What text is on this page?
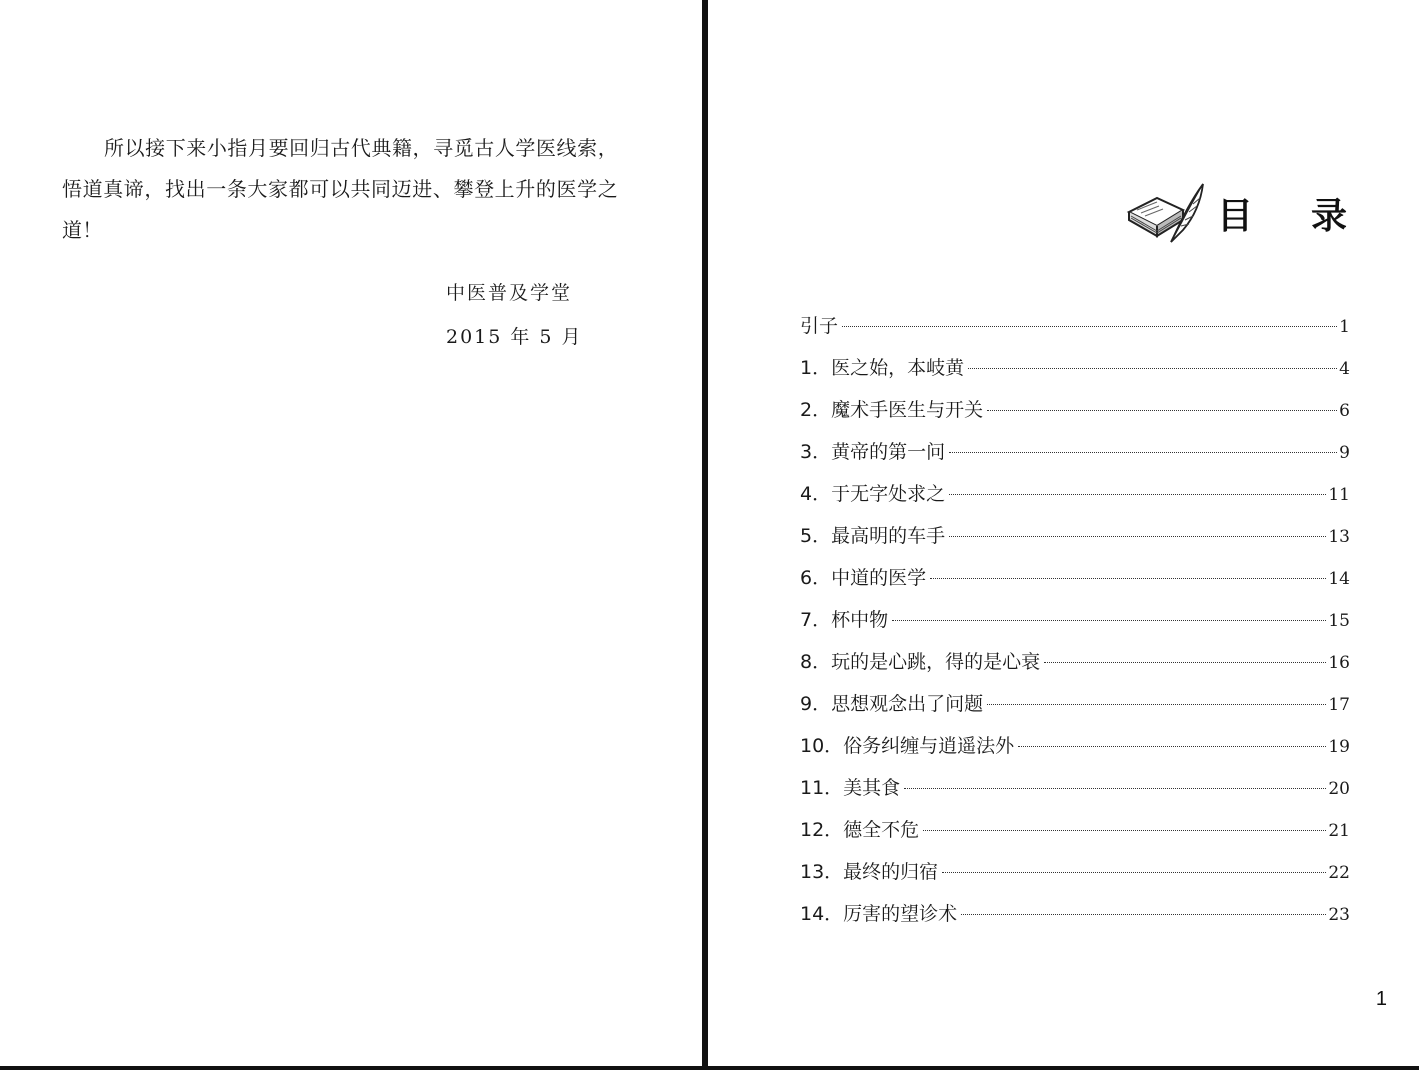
所以接下来小指月要回归古代典籍，寻觅古人学医线索，悟道真谛，找出一条大家都可以共同迈进、攀登上升的医学之道！
中医普及学堂
2015 年 5 月
目 录
引子	1
1．医之始，本岐黄	4
2．魔术手医生与开关	6
3．黄帝的第一问	9
4．于无字处求之	11
5．最高明的车手	13
6．中道的医学	14
7．杯中物	15
8．玩的是心跳，得的是心衰	16
9．思想观念出了问题	17
10．俗务纠缠与逍遥法外	19
11．美其食	20
12．德全不危	21
13．最终的归宿	22
14．厉害的望诊术	23
1
